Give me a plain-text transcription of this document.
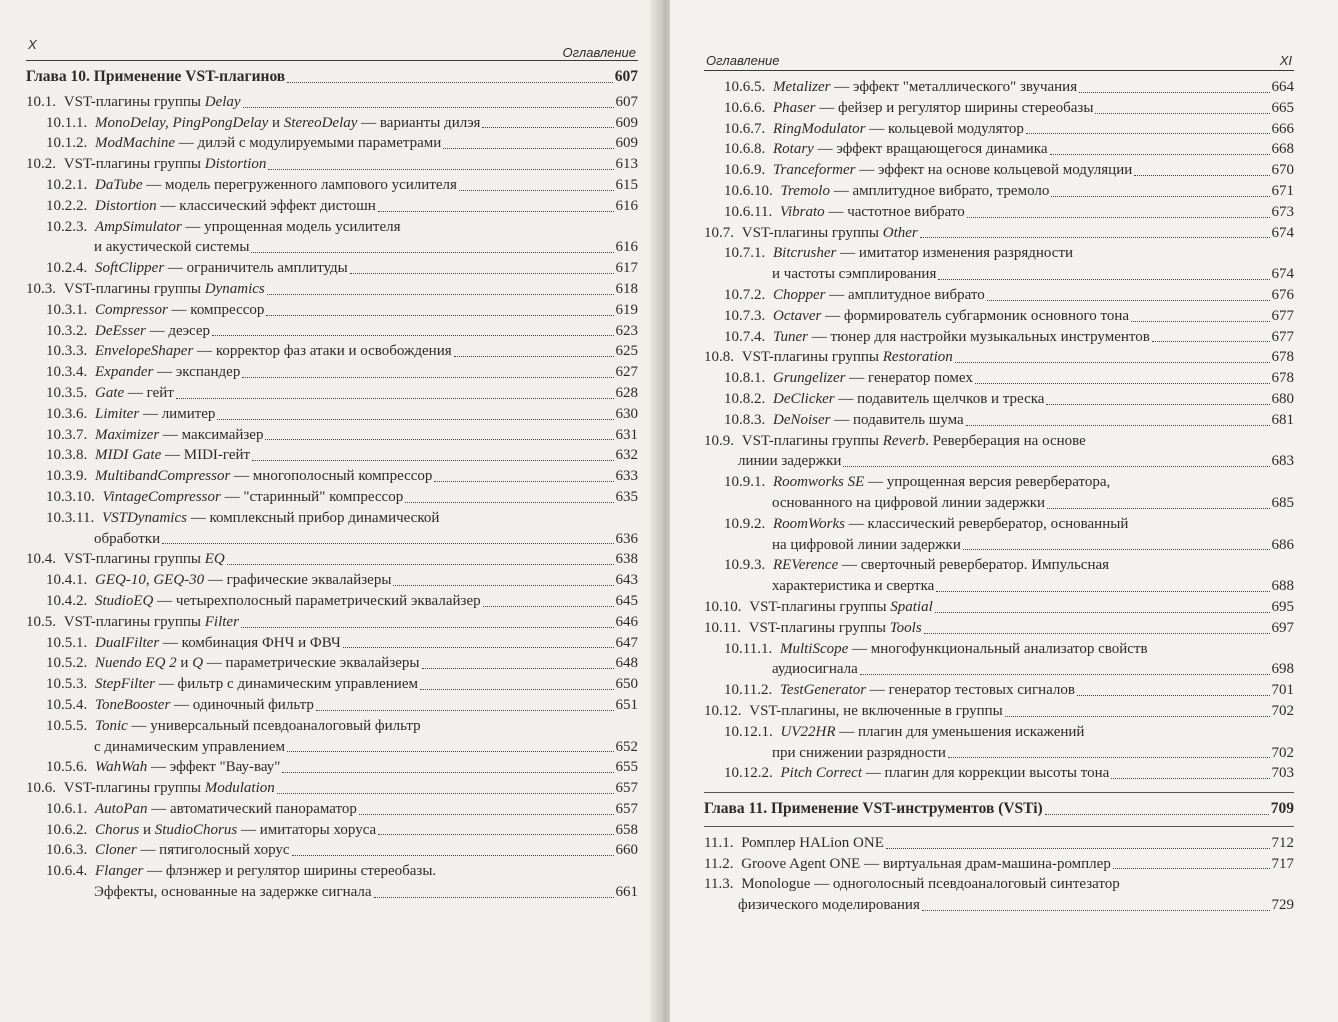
X
Оглавление
Глава 10. Применение VST-плагинов	607
10.1. VST-плагины группы Delay	607
10.1.1. MonoDelay, PingPongDelay и StereoDelay — варианты дилэя	609
10.1.2. ModMachine — дилэй с модулируемыми параметрами	609
10.2. VST-плагины группы Distortion	613
10.2.1. DaTube — модель перегруженного лампового усилителя	615
10.2.2. Distortion — классический эффект дистошн	616
10.2.3. AmpSimulator — упрощенная модель усилителя
и акустической системы	616
10.2.4. SoftClipper — ограничитель амплитуды	617
10.3. VST-плагины группы Dynamics	618
10.3.1. Compressor — компрессор	619
10.3.2. DeEsser — деэсер	623
10.3.3. EnvelopeShaper — корректор фаз атаки и освобождения	625
10.3.4. Expander — экспандер	627
10.3.5. Gate — гейт	628
10.3.6. Limiter — лимитер	630
10.3.7. Maximizer — максимайзер	631
10.3.8. MIDI Gate — MIDI-гейт	632
10.3.9. MultibandCompressor — многополосный компрессор	633
10.3.10. VintageCompressor — "старинный" компрессор	635
10.3.11. VSTDynamics — комплексный прибор динамической
обработки	636
10.4. VST-плагины группы EQ	638
10.4.1. GEQ-10, GEQ-30 — графические эквалайзеры	643
10.4.2. StudioEQ — четырехполосный параметрический эквалайзер	645
10.5. VST-плагины группы Filter	646
10.5.1. DualFilter — комбинация ФНЧ и ФВЧ	647
10.5.2. Nuendo EQ 2 и Q — параметрические эквалайзеры	648
10.5.3. StepFilter — фильтр с динамическим управлением	650
10.5.4. ToneBooster — одиночный фильтр	651
10.5.5. Tonic — универсальный псевдоаналоговый фильтр
с динамическим управлением	652
10.5.6. WahWah — эффект "Вау-вау"	655
10.6. VST-плагины группы Modulation	657
10.6.1. AutoPan — автоматический панораматор	657
10.6.2. Chorus и StudioChorus — имитаторы хоруса	658
10.6.3. Cloner — пятиголосный хорус	660
10.6.4. Flanger — флэнжер и регулятор ширины стереобазы.
Эффекты, основанные на задержке сигнала	661
Оглавление	XI
10.6.5. Metalizer — эффект "металлического" звучания	664
10.6.6. Phaser — фейзер и регулятор ширины стереобазы	665
10.6.7. RingModulator — кольцевой модулятор	666
10.6.8. Rotary — эффект вращающегося динамика	668
10.6.9. Tranceformer — эффект на основе кольцевой модуляции	670
10.6.10. Tremolo — амплитудное вибрато, тремоло	671
10.6.11. Vibrato — частотное вибрато	673
10.7. VST-плагины группы Other	674
10.7.1. Bitcrusher — имитатор изменения разрядности
и частоты сэмплирования	674
10.7.2. Chopper — амплитудное вибрато	676
10.7.3. Octaver — формирователь субгармоник основного тона	677
10.7.4. Tuner — тюнер для настройки музыкальных инструментов	677
10.8. VST-плагины группы Restoration	678
10.8.1. Grungelizer — генератор помех	678
10.8.2. DeClicker — подавитель щелчков и треска	680
10.8.3. DeNoiser — подавитель шума	681
10.9. VST-плагины группы Reverb. Реверберация на основе
линии задержки	683
10.9.1. Roomworks SE — упрощенная версия ревербератора,
основанного на цифровой линии задержки	685
10.9.2. RoomWorks — классический ревербератор, основанный
на цифровой линии задержки	686
10.9.3. REVerence — сверточный ревербератор. Импульсная
характеристика и свертка	688
10.10. VST-плагины группы Spatial	695
10.11. VST-плагины группы Tools	697
10.11.1. MultiScope — многофункциональный анализатор свойств
аудиосигнала	698
10.11.2. TestGenerator — генератор тестовых сигналов	701
10.12. VST-плагины, не включенные в группы	702
10.12.1. UV22HR — плагин для уменьшения искажений
при снижении разрядности	702
10.12.2. Pitch Correct — плагин для коррекции высоты тона	703
Глава 11. Применение VST-инструментов (VSTi)	709
11.1. Ромплер HALion ONE	712
11.2. Groove Agent ONE — виртуальная драм-машина-ромплер	717
11.3. Monologue — одноголосный псевдоаналоговый синтезатор
физического моделирования	729
